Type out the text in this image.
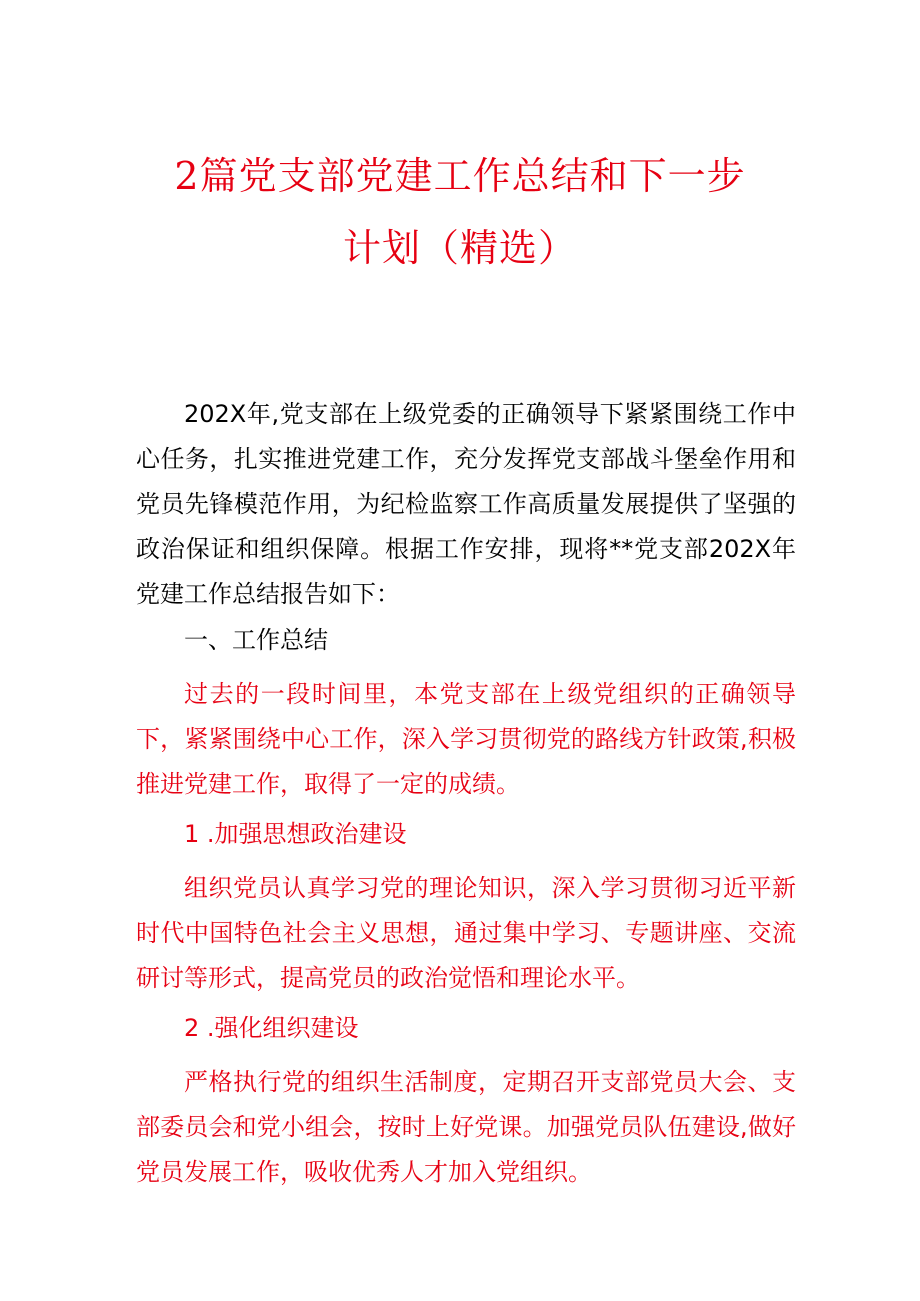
2篇党支部党建工作总结和下一步
计划（精选）

202X年,党支部在上级党委的正确领导下紧紧围绕工作中心任务，扎实推进党建工作，充分发挥党支部战斗堡垒作用和党员先锋模范作用，为纪检监察工作高质量发展提供了坚强的政治保证和组织保障。根据工作安排，现将**党支部202X年党建工作总结报告如下：

一、工作总结

过去的一段时间里，本党支部在上级党组织的正确领导下，紧紧围绕中心工作，深入学习贯彻党的路线方针政策,积极推进党建工作，取得了一定的成绩。

1 .加强思想政治建设

组织党员认真学习党的理论知识，深入学习贯彻习近平新时代中国特色社会主义思想，通过集中学习、专题讲座、交流研讨等形式，提高党员的政治觉悟和理论水平。

2 .强化组织建设

严格执行党的组织生活制度，定期召开支部党员大会、支部委员会和党小组会，按时上好党课。加强党员队伍建设,做好党员发展工作，吸收优秀人才加入党组织。
